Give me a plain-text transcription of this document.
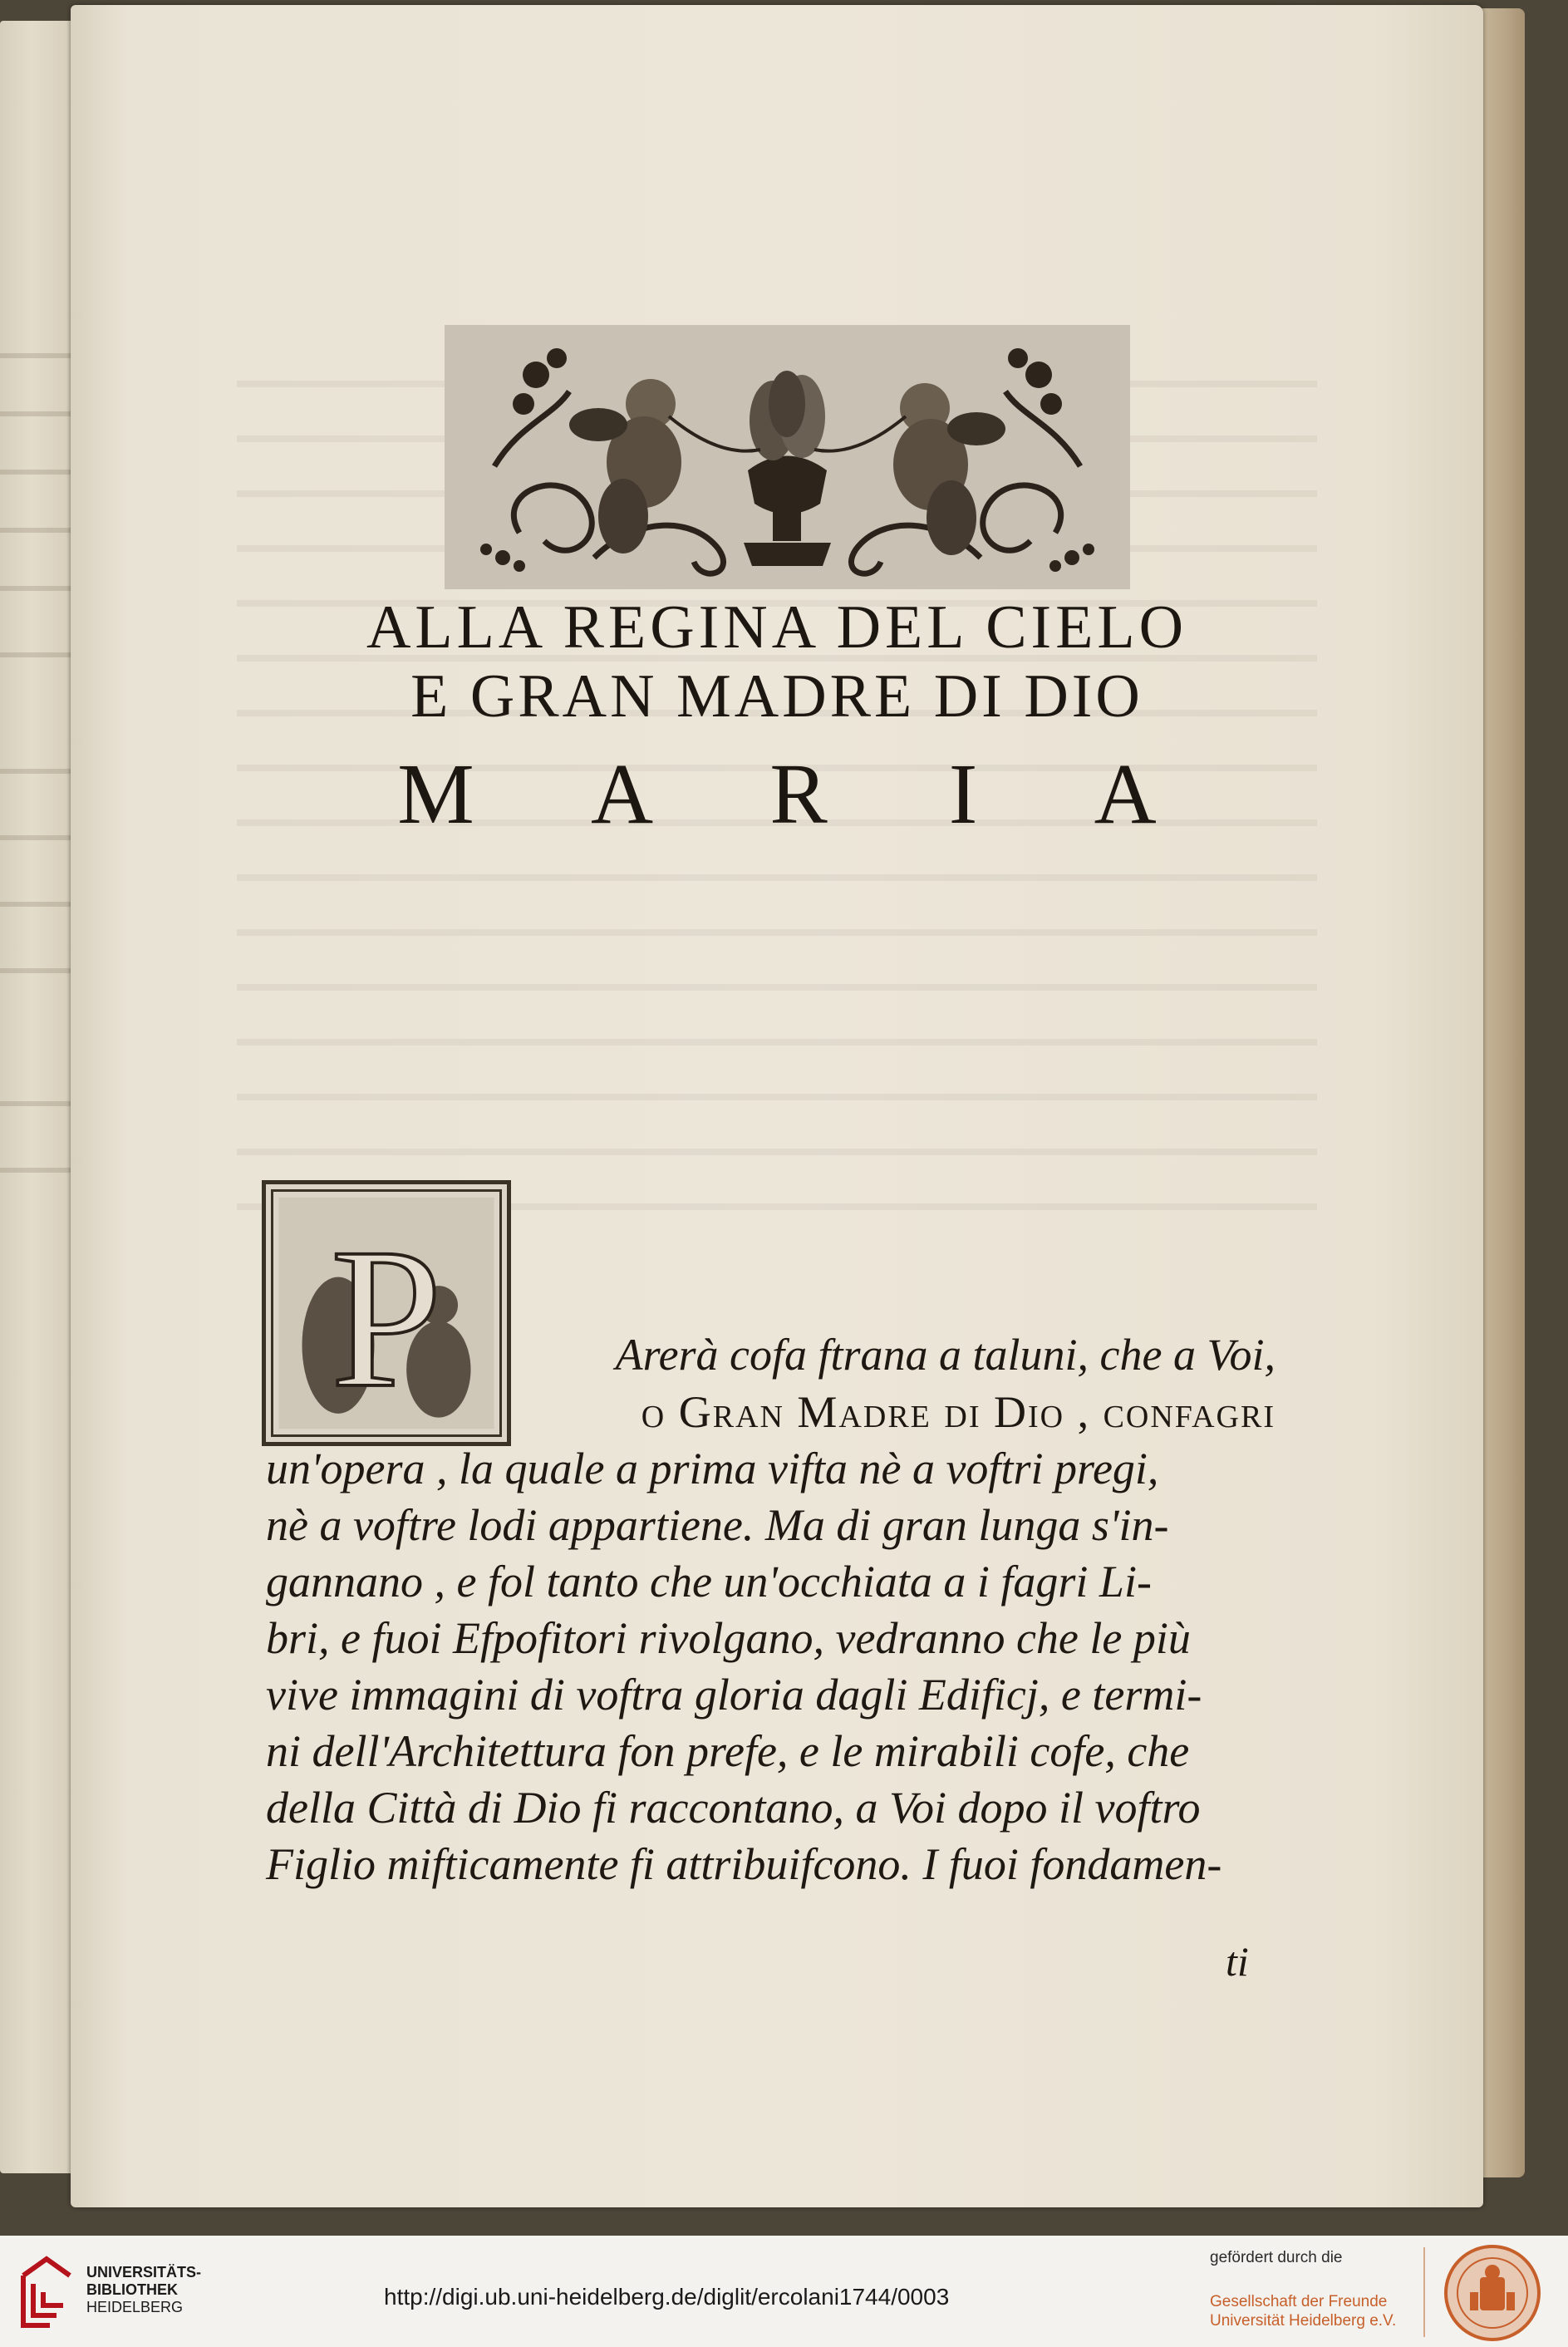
ALLA REGINA DEL CIELO
E GRAN MADRE DI DIO
M A R I A
P	Arerà cofa ftrana a taluni, che a Voi,
o Gran Madre di Dio , confagri
un'opera , la quale a prima vifta nè a voftri pregi,
nè a voftre lodi appartiene. Ma di gran lunga s'in-
gannano , e fol tanto che un'occhiata a i fagri Li-
bri, e fuoi Efpofitori rivolgano, vedranno che le più
vive immagini di voftra gloria dagli Edificj, e termi-
ni dell'Architettura fon prefe, e le mirabili cofe, che
della Città di Dio fi raccontano, a Voi dopo il voftro
Figlio mifticamente fi attribuifcono. I fuoi fondamen-
ti
UNIVERSITÄTS-
BIBLIOTHEK
HEIDELBERG	http://digi.ub.uni-heidelberg.de/diglit/ercolani1744/0003
gefördert durch die
Gesellschaft der Freunde
Universität Heidelberg e.V.
